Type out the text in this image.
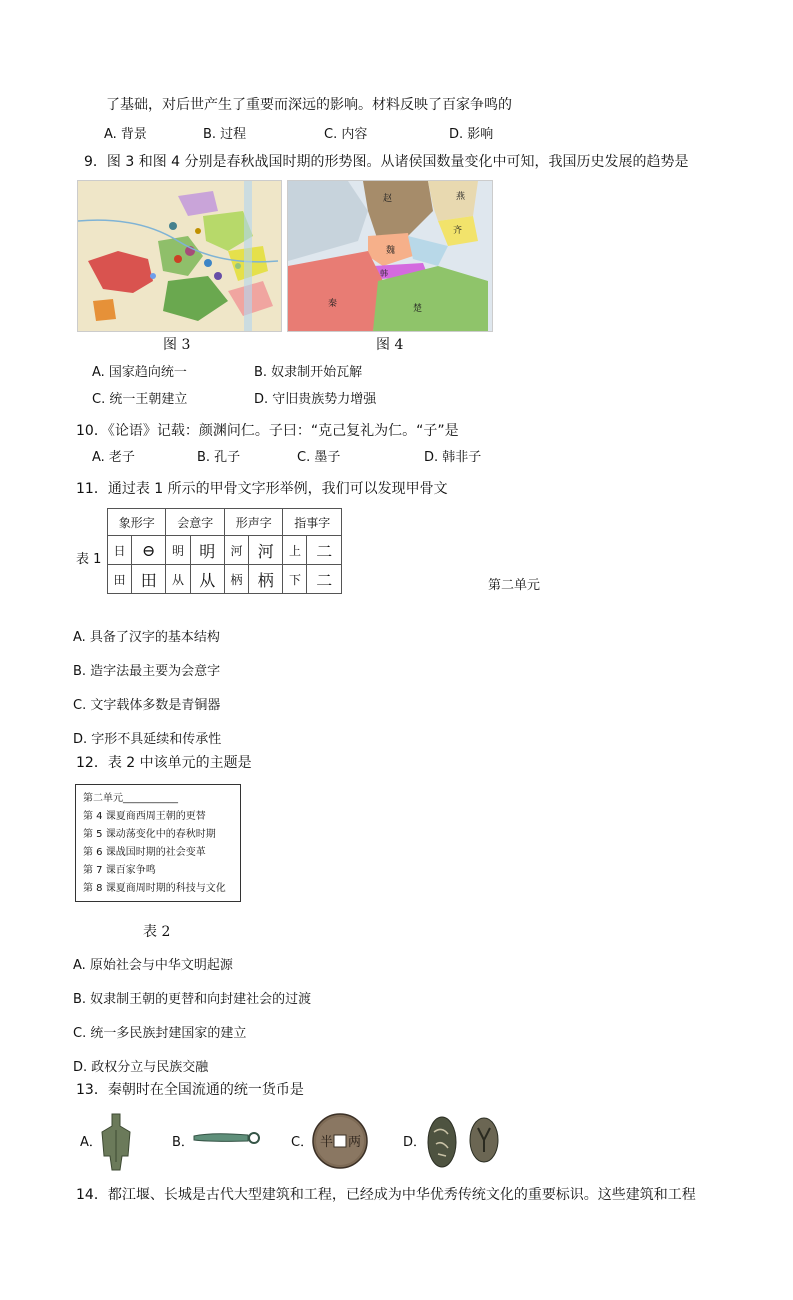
了基础，对后世产生了重要而深远的影响。材料反映了百家争鸣的
A. 背景	B. 过程	C. 内容	D. 影响
9．图 3 和图 4 分别是春秋战国时期的形势图。从诸侯国数量变化中可知，我国历史发展的趋势是
赵	燕
齐
魏
韩
秦	楚
图 3	图 4
A. 国家趋向统一	B. 奴隶制开始瓦解
C. 统一王朝建立	D. 守旧贵族势力增强
10．《论语》记载：颜渊问仁。子曰：“克己复礼为仁。“子”是
A. 老子	B. 孔子	C. 墨子	D. 韩非子
11．通过表 1 所示的甲骨文字形举例，我们可以发现甲骨文
表 1
象形字		会意字		形声字		指事字	
日	⊖	明	明	河	河	上	二
田	田	从	从	柄	柄	下	二	第二单元
A. 具备了汉字的基本结构
B. 造字法最主要为会意字
C. 文字载体多数是青铜器
D. 字形不具延续和传承性
12．表 2 中该单元的主题是
第二单元___________
第 4 课夏商西周王朝的更替
第 5 课动荡变化中的春秋时期
第 6 课战国时期的社会变革
第 7 课百家争鸣
第 8 课夏商周时期的科技与文化
表 2
A. 原始社会与中华文明起源
B. 奴隶制王朝的更替和向封建社会的过渡
C. 统一多民族封建国家的建立
D. 政权分立与民族交融
13．秦朝时在全国流通的统一货币是
A．	B．	C． 半 两	D．
14．都江堰、长城是古代大型建筑和工程，已经成为中华优秀传统文化的重要标识。这些建筑和工程
